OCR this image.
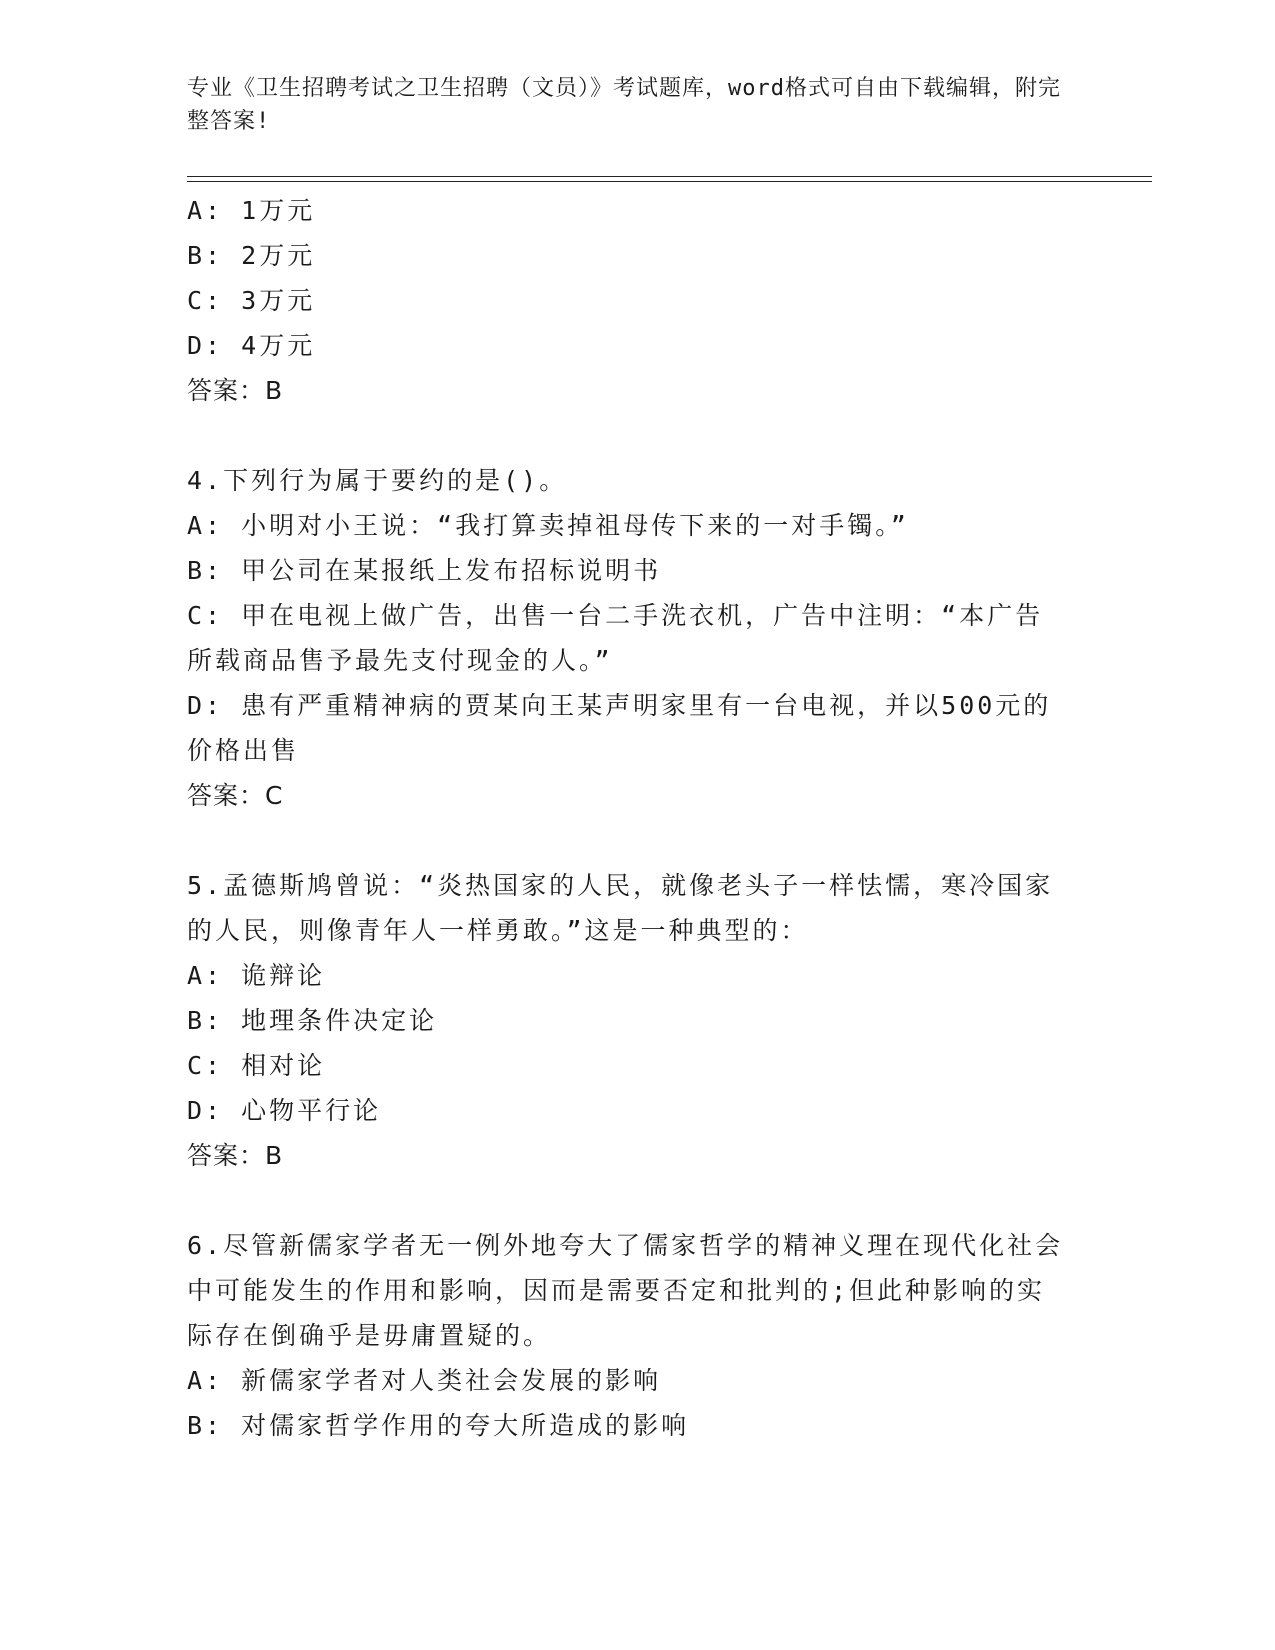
专业《卫生招聘考试之卫生招聘（文员）》考试题库，word格式可自由下载编辑，附完整答案!
A: 1万元
B: 2万元
C: 3万元
D: 4万元
答案：B
4.下列行为属于要约的是()。
A: 小明对小王说：“我打算卖掉祖母传下来的一对手镯。”
B: 甲公司在某报纸上发布招标说明书
C: 甲在电视上做广告，出售一台二手洗衣机，广告中注明：“本广告所载商品售予最先支付现金的人。”
D: 患有严重精神病的贾某向王某声明家里有一台电视，并以500元的价格出售
答案：C
5.孟德斯鸠曾说：“炎热国家的人民，就像老头子一样怯懦，寒冷国家的人民，则像青年人一样勇敢。”这是一种典型的：
A: 诡辩论
B: 地理条件决定论
C: 相对论
D: 心物平行论
答案：B
6.尽管新儒家学者无一例外地夸大了儒家哲学的精神义理在现代化社会中可能发生的作用和影响，因而是需要否定和批判的;但此种影响的实际存在倒确乎是毋庸置疑的。
A: 新儒家学者对人类社会发展的影响
B: 对儒家哲学作用的夸大所造成的影响
